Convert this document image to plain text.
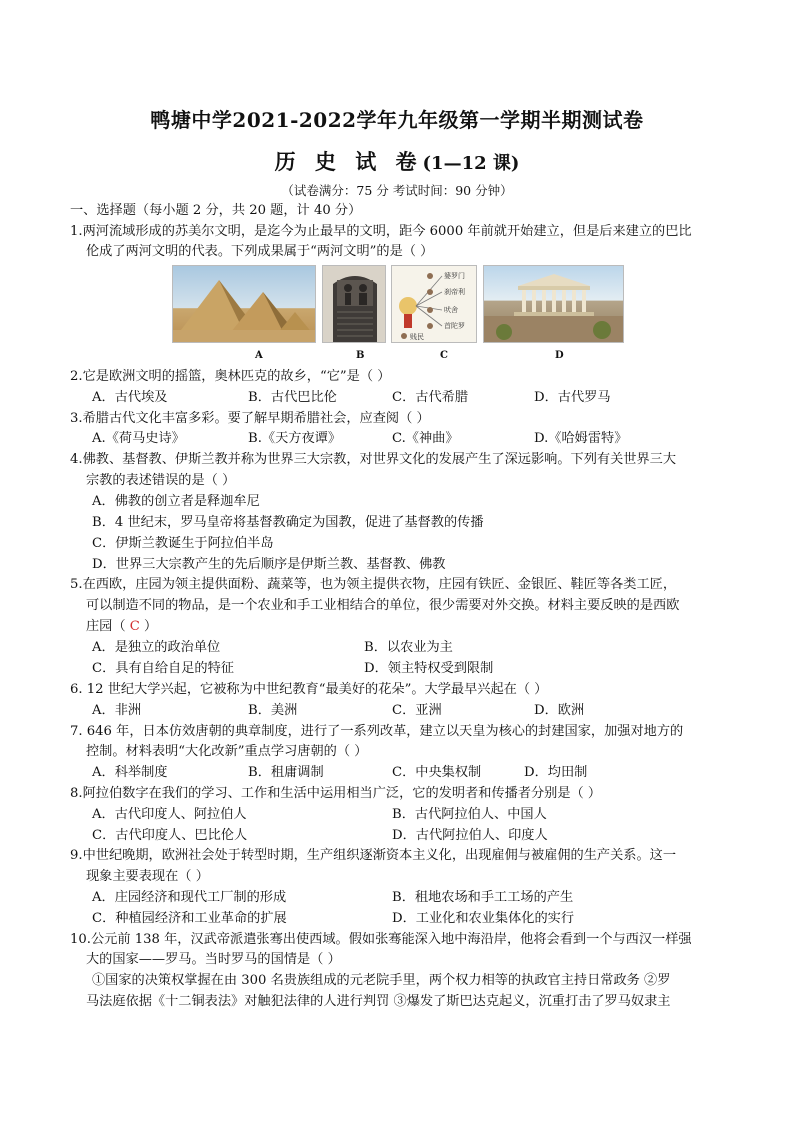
鸭塘中学2021-2022学年九年级第一学期半期测试卷
历 史 试 卷(1—12 课)
（试卷满分：75 分 考试时间：90 分钟）
一、选择题（每小题 2 分，共 20 题，计 40 分）
1.两河流域形成的苏美尔文明，是迄今为止最早的文明，距今 6000 年前就开始建立，但是后来建立的巴比
伦成了两河文明的代表。下列成果属于“两河文明”的是（ ）
婆罗门
刹帝利
吠舍
首陀罗
贱民
A	B	C	D
2.它是欧洲文明的摇篮，奥林匹克的故乡，“它”是（ ）
A．古代埃及	B．古代巴比伦	C．古代希腊	D．古代罗马
3.希腊古代文化丰富多彩。要了解早期希腊社会，应查阅（ ）
A.《荷马史诗》	B.《天方夜谭》	C.《神曲》	D.《哈姆雷特》
4.佛教、基督教、伊斯兰教并称为世界三大宗教，对世界文化的发展产生了深远影响。下列有关世界三大
宗教的表述错误的是（ ）
A．佛教的创立者是释迦牟尼
B．4 世纪末，罗马皇帝将基督教确定为国教，促进了基督教的传播
C．伊斯兰教诞生于阿拉伯半岛
D．世界三大宗教产生的先后顺序是伊斯兰教、基督教、佛教
5.在西欧，庄园为领主提供面粉、蔬菜等，也为领主提供衣物，庄园有铁匠、金银匠、鞋匠等各类工匠，
可以制造不同的物品，是一个农业和手工业相结合的单位，很少需要对外交换。材料主要反映的是西欧
庄园（ C ）
A．是独立的政治单位	B．以农业为主
C．具有自给自足的特征	D．领主特权受到限制
6. 12 世纪大学兴起，它被称为中世纪教育“最美好的花朵”。大学最早兴起在（ ）
A．非洲	B．美洲	C．亚洲	D．欧洲
7. 646 年，日本仿效唐朝的典章制度，进行了一系列改革，建立以天皇为核心的封建国家，加强对地方的
控制。材料表明“大化改新”重点学习唐朝的（ ）
A．科举制度	B．租庸调制	C．中央集权制	D．均田制
8.阿拉伯数字在我们的学习、工作和生活中运用相当广泛，它的发明者和传播者分别是（ ）
A．古代印度人、阿拉伯人	B．古代阿拉伯人、中国人
C．古代印度人、巴比伦人	D．古代阿拉伯人、印度人
9.中世纪晚期，欧洲社会处于转型时期，生产组织逐渐资本主义化，出现雇佣与被雇佣的生产关系。这一
现象主要表现在（ ）
A．庄园经济和现代工厂制的形成	B．租地农场和手工工场的产生
C．种植园经济和工业革命的扩展	D．工业化和农业集体化的实行
10.公元前 138 年，汉武帝派遣张骞出使西域。假如张骞能深入地中海沿岸，他将会看到一个与西汉一样强
大的国家——罗马。当时罗马的国情是（ ）
①国家的决策权掌握在由 300 名贵族组成的元老院手里，两个权力相等的执政官主持日常政务 ②罗
马法庭依据《十二铜表法》对触犯法律的人进行判罚 ③爆发了斯巴达克起义，沉重打击了罗马奴隶主
